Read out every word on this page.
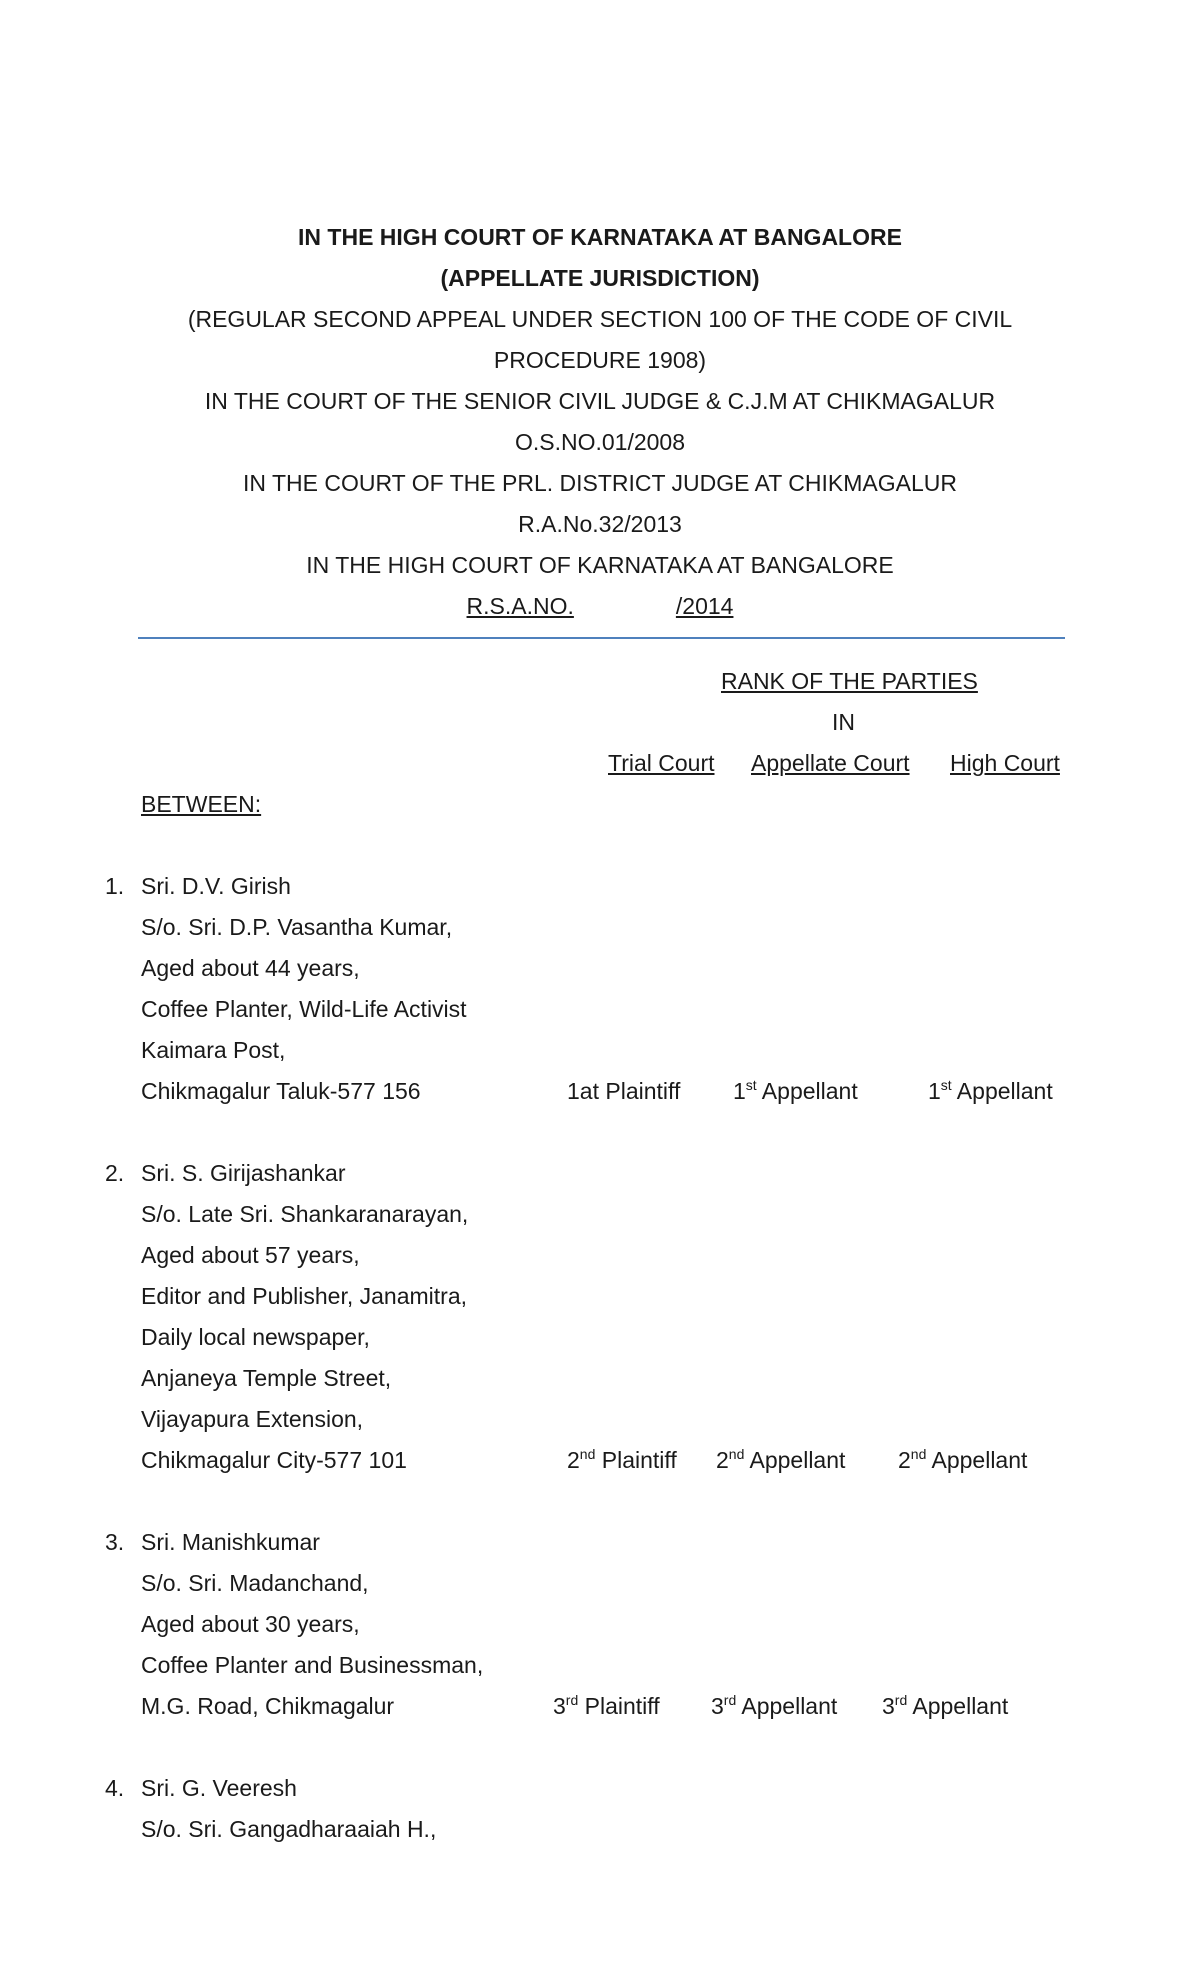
IN THE HIGH COURT OF KARNATAKA AT BANGALORE
(APPELLATE JURISDICTION)
(REGULAR SECOND APPEAL UNDER SECTION 100 OF THE CODE OF CIVIL
PROCEDURE 1908)
IN THE COURT OF THE SENIOR CIVIL JUDGE & C.J.M AT CHIKMAGALUR
O.S.NO.01/2008
IN THE COURT OF THE PRL. DISTRICT JUDGE AT CHIKMAGALUR
R.A.No.32/2013
IN THE HIGH COURT OF KARNATAKA AT BANGALORE
R.S.A.NO.	/2014
RANK OF THE PARTIES
IN
Trial Court Appellate Court High Court
BETWEEN:
1. Sri. D.V. Girish
S/o. Sri. D.P. Vasantha Kumar,
Aged about 44 years,
Coffee Planter, Wild-Life Activist
Kaimara Post,
Chikmagalur Taluk-577 156	1at Plaintiff 1st Appellant	1st Appellant
2. Sri. S. Girijashankar
S/o. Late Sri. Shankaranarayan,
Aged about 57 years,
Editor and Publisher, Janamitra,
Daily local newspaper,
Anjaneya Temple Street,
Vijayapura Extension,
Chikmagalur City-577 101	2nd Plaintiff 2nd Appellant 2nd Appellant
3. Sri. Manishkumar
S/o. Sri. Madanchand,
Aged about 30 years,
Coffee Planter and Businessman,
M.G. Road, Chikmagalur	3rd Plaintiff 3rd Appellant 3rd Appellant
4. Sri. G. Veeresh
S/o. Sri. Gangadharaaiah H.,
